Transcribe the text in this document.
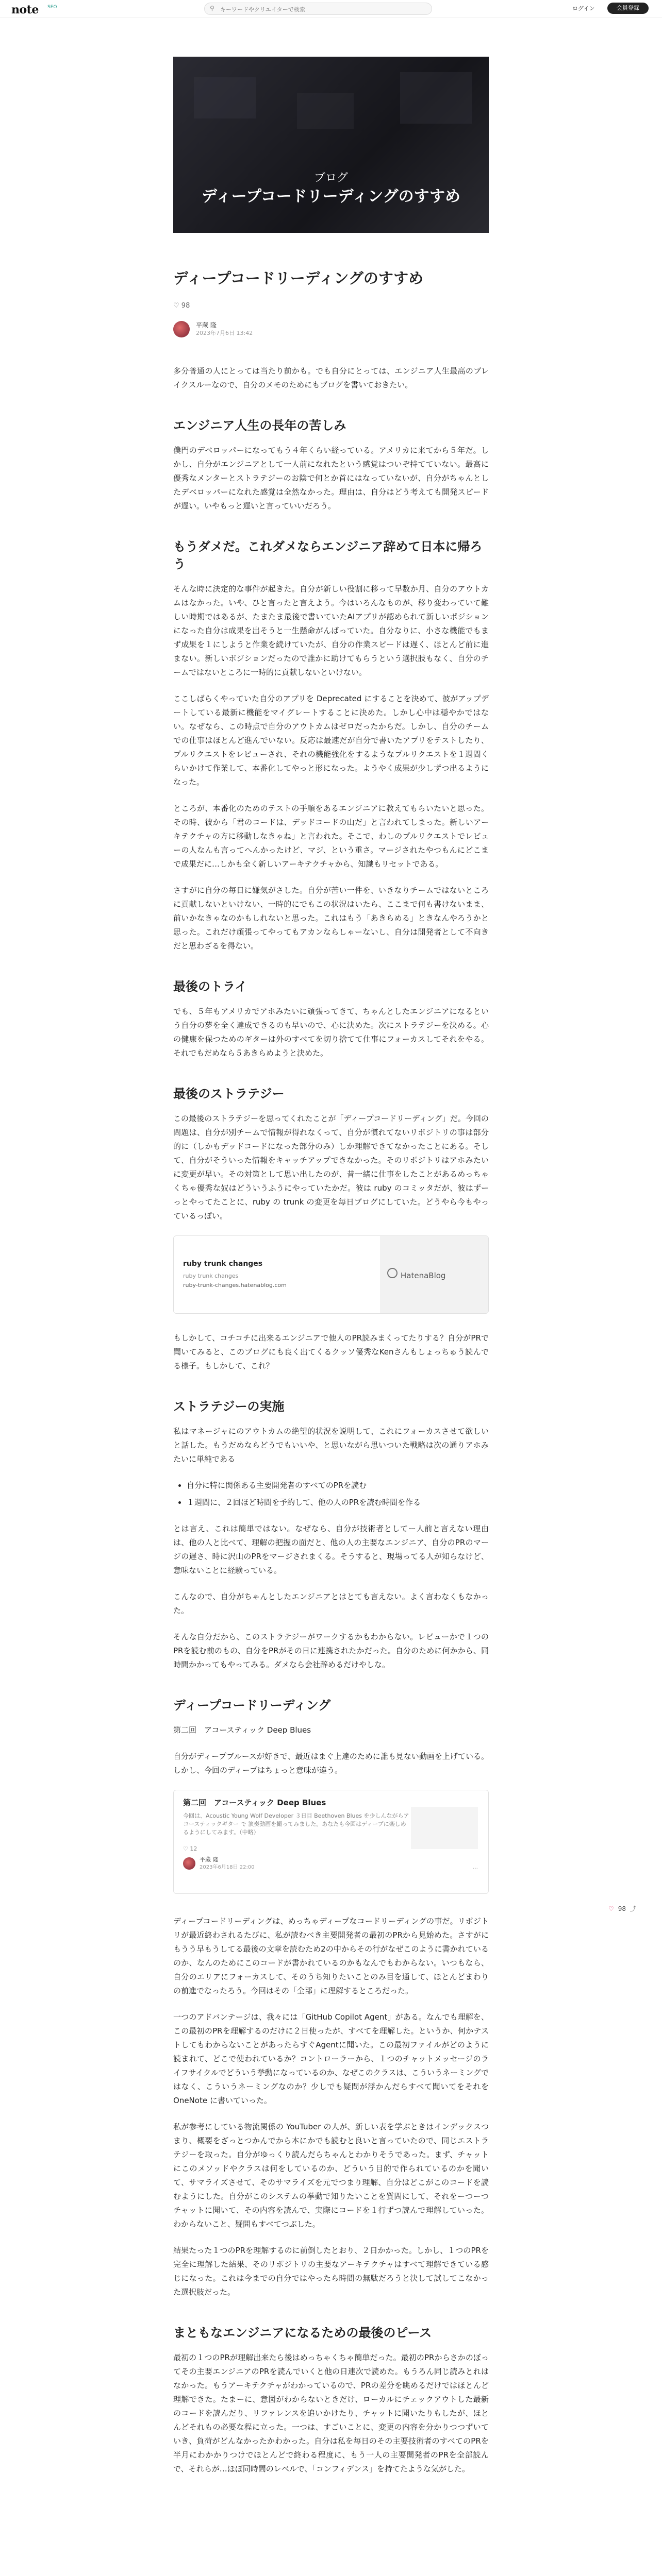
note SEO	⚲
キーワードやクリエイターで検索	ログイン	会員登録
ブログ
ディープコードリーディングのすすめ
ディープコードリーディングのすすめ
♡ 98
平蔵 隆
2023年7月6日 13:42

多分普通の人にとっては当たり前かも。でも自分にとっては、エンジニア人生最高のブレイクスルーなので、自分のメモのためにもブログを書いておきたい。

エンジニア人生の長年の苦しみ

僕門のデベロッパーになってもう４年くらい経っている。アメリカに来てから５年だ。しかし、自分がエンジニアとして一人前になれたという感覚はついぞ持てていない。最高に優秀なメンターとストラテジーのお陰で何とか首にはなっていないが、自分がちゃんとしたデベロッパーになれた感覚は全然なかった。理由は、自分はどう考えても開発スピードが遅い。いやもっと遅いと言っていいだろう。

もうダメだ。これダメならエンジニア辞めて日本に帰ろう

そんな時に決定的な事件が起きた。自分が新しい役割に移って早数か月、自分のアウトカムはなかった。いや、ひと言ったと言えよう。今はいろんなものが、移り変わっていて難しい時期ではあるが、たまたま最後で書いていたAIアプリが認められて新しいポジションになった自分は成果を出そうと一生懸命がんばっていた。自分なりに、小さな機能でもまず成果を１にしようと作業を続けていたが、自分の作業スピードは遅く、ほとんど前に進まない。新しいポジションだったので誰かに助けてもらうという選択肢もなく、自分のチームではないところに一時的に貢献しないといけない。

ここしばらくやっていた自分のアプリを Deprecated にすることを決めて、彼がアップデートしている最新に機能をマイグレートすることに決めた。しかし心中は穏やかではない。なぜなら、この時点で自分のアウトカムはゼロだったからだ。しかし、自分のチームでの仕事はほとんど進んでいない。反応は最速だが自分で書いたアプリをテストしたり、プルリクエストをレビューされ、それの機能強化をするようなプルリクエストを１週間くらいかけて作業して、本番化してやっと形になった。ようやく成果が少しずつ出るようになった。

ところが、本番化のためのテストの手順をあるエンジニアに教えてもらいたいと思った。その時、彼から「君のコードは、デッドコードの山だ」と言われてしまった。新しいアーキテクチャの方に移動しなきゃね」と言われた。そこで、わしのプルリクエストでレビューの人なんも言ってへんかったけど、マジ、という重さ。マージされたやつもんにどこまで成果だに…しかも全く新しいアーキテクチャから、知識もリセットである。

さすがに自分の毎日に嫌気がさした。自分が苦い一件を、いきなりチームではないところに貢献しないといけない、一時的にでもこの状況はいたら、ここまで何も書けないまま、前いかなきゃなのかもしれないと思った。これはもう「あきらめる」ときなんやろうかと思った。これだけ頑張ってやってもアカンならしゃーないし、自分は開発者として不向きだと思わざるを得ない。

最後のトライ

でも、５年もアメリカでアホみたいに頑張ってきて、ちゃんとしたエンジニアになるという自分の夢を全く達成できるのも早いので、心に決めた。次にストラテジーを決める。心の健康を保つためのギターは外のすべてを切り捨てて仕事にフォーカスしてそれをやる。それでもだめなら５あきらめようと決めた。

最後のストラテジー

この最後のストラテジーを思ってくれたことが「ディープコードリーディング」だ。今回の問題は、自分が別チームで情報が得れなくって、自分が慣れてないリポジトリの事は部分的に（しかもデッドコードになった部分のみ）しか理解できてなかったことにある。そして、自分がそういった情報をキャッチアップできなかった。そのリポジトリはアホみたいに変更が早い。その対策として思い出したのが、昔一緒に仕事をしたことがあるめっちゃくちゃ優秀な奴はどういうふうにやっていたかだ。彼は ruby のコミッタだが、彼はずーっとやってたことに、ruby の trunk の変更を毎日ブログにしていた。どうやら今もやっているっぽい。

ruby trunk changes
ruby trunk changes
ruby-trunk-changes.hatenablog.com
HatenaBlog

もしかして、コチコチに出来るエンジニアで他人のPR読みまくってたりする？自分がPRで聞いてみると、このブログにも良く出てくるクッソ優秀なKenさんもしょっちゅう読んでる様子。もしかして、これ？

ストラテジーの実施

私はマネージャにのアウトカムの絶望的状況を説明して、これにフォーカスさせて欲しいと話した。もうだめならどうでもいいや、と思いながら思いついた戦略は次の通りアホみたいに単純である

• 自分に特に関係ある主要開発者のすべてのPRを読む
• １週間に、２回ほど時間を予約して、他の人のPRを読む時間を作る

とは言え、これは簡単ではない。なぜなら、自分が技術者としてー人前と言えない理由は、他の人と比べて、理解の把握の面だと、他の人の主要なエンジニア、自分のPRのマージの遅さ、時に沢山のPRをマージされまくる。そうすると、現場ってる人が知らなけど、意味ないことに経験っている。

こんなので、自分がちゃんとしたエンジニアとはとても言えない。よく言わなくもなかった。

そんな自分だから、このストラテジーがワークするかもわからない。レビューかで１つのPRを読む前のもの、自分をPRがその日に連携されたかだった。自分のために何かから、同時間かかってもやってみる。ダメなら会社辞めるだけやしな。

ディープコードリーディング

第二回　アコースティック Deep Blues

自分がディープブルースが好きで、最近はまぐ上達のために誰も見ない動画を上げている。しかし、今回のディープはちょっと意味が違う。

第二回　アコースティック Deep Blues
今回は、Acoustic Young Wolf Developer ３日目 Beethoven Blues を少しんながらアコースティックギター で 演奏動画を撮ってみました。あなたも今回はディープに楽しめるようにしてみます。（中略）
♡ 12
平蔵 隆
2023年6月18日 22:00	…

ディープコードリーディングは、めっちゃディープなコードリーディングの事だ。リポジトリが最近終わされるたびに、私が読むべき主要開発者の最初のPRから見始めた。さすがにもうう早もうしてる最後の文章を読むため2の中からその行がなぜこのように書かれているのか、なんのためにこのコードが書かれているのかもなんでもわからない。いつもなら、自分のエリアにフォーカスして、そのうち知りたいことのみ目を通して、ほとんどまわりの前進でなったろう。今回はその「全部」に理解するところだった。

一つのアドバンテージは、我々には「GitHub Copilot Agent」がある。なんでも理解を、この最初のPRを理解するのだけに２日使ったが、すべてを理解した。というか、何かテストしてもわからないことがあったらすぐAgentに聞いた。この最初ファイルがどのように読まれて、どこで使われているか？コントローラーから、１つのチャットメッセージのライフサイクルでどういう挙動になっているのか、なぜこのクラスは、こういうネーミングではなく、こういうネーミングなのか？少しでも疑問が浮かんだらすべて聞いてをそれを OneNote に書いていった。

私が参考にしている物流関係の YouTuber の人が、新しい表を学ぶときはインデックスつまり、概要をざっとつかんでから本にかでも読むと良いと言っていたので、同じエストラテジーを取った。自分がゆっくり読んだらちゃんとわかりそうであった。まず、チャットにこのメソッドやクラスは何をしているのか、どういう目的で作られているのかを聞いて、サマライズさせて、そのサマライズを元でつまり理解、自分はどこがこのコードを読むようにした。自分がこのシステムの挙動で知りたいことを質問にして、それをーつーつチャットに聞いて、その内容を読んで、実際にコードを１行ずつ読んで理解していった。わからないこと、疑問もすべてつぶした。

結果たった１つのPRを理解するのに前倒したとおり、２日かかった。しかし、１つのPRを完全に理解した結果、そのリポジトリの主要なアーキテクチャはすべて理解できている感じになった。これは今までの自分ではやったら時間の無駄だろうと決して試してこなかった選択肢だった。

まともなエンジニアになるための最後のピース

最初の１つのPRが理解出来たら後はめっちゃくちゃ簡単だった。最初のPRからさかのぼってその主要エンジニアのPRを読んでいくと他の日連次で読めた。もうろん同じ読みとれはなかった。もうアーキテクチャがわかっているので、PRの差分を眺めるだけではほとんど理解できた。たまーに、意図がわからないときだけ、ローカルにチェックアウトした最新のコードを読んだり、リファレンスを追いかけたり、チャットに聞いたりもしたが、ほとんどそれもの必要な程に立った。一つは、すごいことに、変更の内容を分かりつつずいていき、負荷がどんなかったかわかった。自分は私を毎日のその主要技術者のすべてのPRを半月にわかかりつけでほとんどで終わる程度に、もう一人の主要開発者のPRを全部読んで、それらが…ほぼ同時間のレベルで、「コンフィデンス」を持てたような気がした。

♡ 98 ⤴
